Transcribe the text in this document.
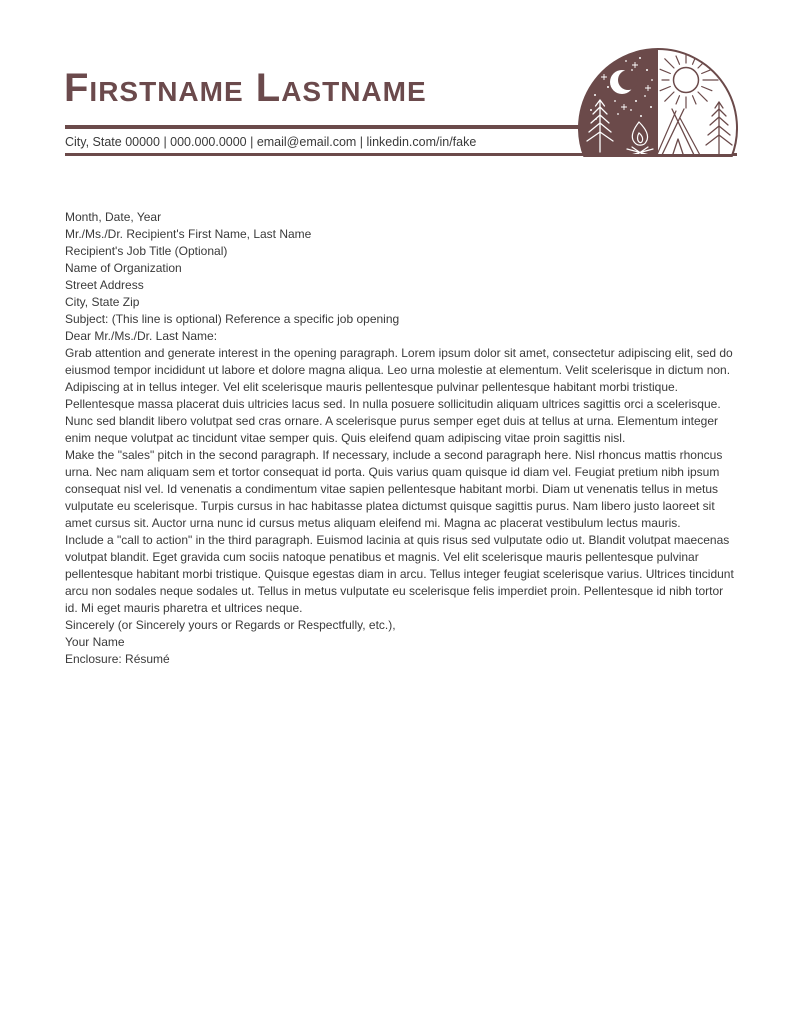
Firstname Lastname
City, State 00000 | 000.000.0000 | email@email.com | linkedin.com/in/fake

Month, Date, Year

Mr./Ms./Dr. Recipient's First Name, Last Name
Recipient's Job Title (Optional)
Name of Organization
Street Address
City, State Zip

Subject: (This line is optional) Reference a specific job opening

Dear Mr./Ms./Dr. Last Name:

Grab attention and generate interest in the opening paragraph. Lorem ipsum dolor sit amet, consectetur adipiscing elit, sed do eiusmod tempor incididunt ut labore et dolore magna aliqua. Leo urna molestie at elementum. Velit scelerisque in dictum non. Adipiscing at in tellus integer. Vel elit scelerisque mauris pellentesque pulvinar pellentesque habitant morbi tristique. Pellentesque massa placerat duis ultricies lacus sed. In nulla posuere sollicitudin aliquam ultrices sagittis orci a scelerisque. Nunc sed blandit libero volutpat sed cras ornare. A scelerisque purus semper eget duis at tellus at urna. Elementum integer enim neque volutpat ac tincidunt vitae semper quis. Quis eleifend quam adipiscing vitae proin sagittis nisl.

Make the "sales" pitch in the second paragraph. If necessary, include a second paragraph here. Nisl rhoncus mattis rhoncus urna. Nec nam aliquam sem et tortor consequat id porta. Quis varius quam quisque id diam vel. Feugiat pretium nibh ipsum consequat nisl vel. Id venenatis a condimentum vitae sapien pellentesque habitant morbi. Diam ut venenatis tellus in metus vulputate eu scelerisque. Turpis cursus in hac habitasse platea dictumst quisque sagittis purus. Nam libero justo laoreet sit amet cursus sit. Auctor urna nunc id cursus metus aliquam eleifend mi. Magna ac placerat vestibulum lectus mauris.

Include a "call to action" in the third paragraph. Euismod lacinia at quis risus sed vulputate odio ut. Blandit volutpat maecenas volutpat blandit. Eget gravida cum sociis natoque penatibus et magnis. Vel elit scelerisque mauris pellentesque pulvinar pellentesque habitant morbi tristique. Quisque egestas diam in arcu. Tellus integer feugiat scelerisque varius. Ultrices tincidunt arcu non sodales neque sodales ut. Tellus in metus vulputate eu scelerisque felis imperdiet proin. Pellentesque id nibh tortor id. Mi eget mauris pharetra et ultrices neque.

Sincerely (or Sincerely yours or Regards or Respectfully, etc.),

Your Name

Enclosure: Résumé
